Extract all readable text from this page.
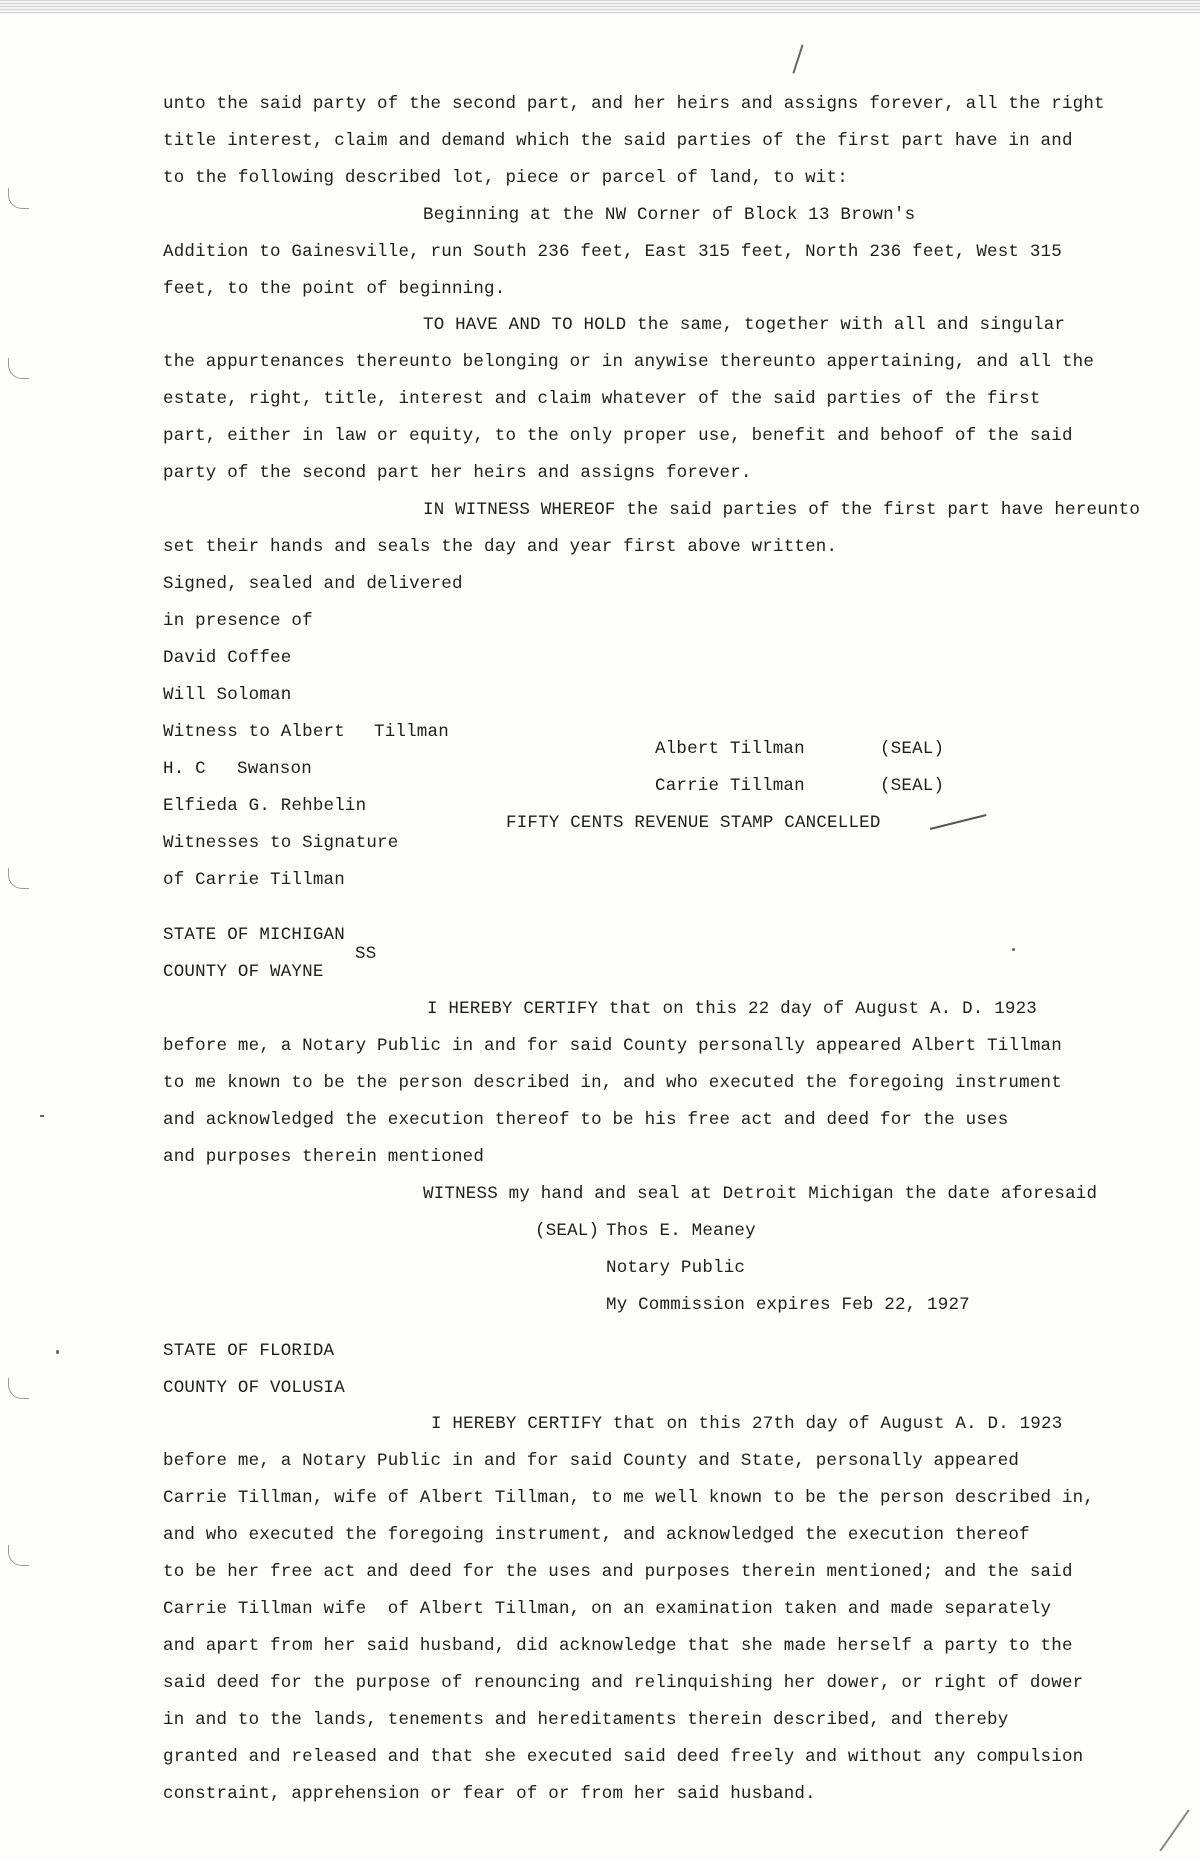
unto the said party of the second part, and her heirs and assigns forever, all the right
title interest, claim and demand which the said parties of the first part have in and
to the following described lot, piece or parcel of land, to wit:
Beginning at the NW Corner of Block 13 Brown's
Addition to Gainesville, run South 236 feet, East 315 feet, North 236 feet, West 315
feet, to the point of beginning.
TO HAVE AND TO HOLD the same, together with all and singular
the appurtenances thereunto belonging or in anywise thereunto appertaining, and all the
estate, right, title, interest and claim whatever of the said parties of the first
part, either in law or equity, to the only proper use, benefit and behoof of the said
party of the second part her heirs and assigns forever.
IN WITNESS WHEREOF the said parties of the first part have hereunto
set their hands and seals the day and year first above written.
Signed, sealed and delivered
in presence of
David Coffee
Will Soloman
Witness to Albert Tillman
H. C Swanson
Elfieda G. Rehbelin
Witnesses to Signature
of Carrie Tillman
Albert Tillman	(SEAL)
Carrie Tillman	(SEAL)
FIFTY CENTS REVENUE STAMP CANCELLED
STATE OF MICHIGAN
SS
COUNTY OF WAYNE
I HEREBY CERTIFY that on this 22 day of August A. D. 1923
before me, a Notary Public in and for said County personally appeared Albert Tillman
to me known to be the person described in, and who executed the foregoing instrument
and acknowledged the execution thereof to be his free act and deed for the uses
and purposes therein mentioned
WITNESS my hand and seal at Detroit Michigan the date aforesaid
(SEAL) Thos E. Meaney
Notary Public
My Commission expires Feb 22, 1927
STATE OF FLORIDA
COUNTY OF VOLUSIA
I HEREBY CERTIFY that on this 27th day of August A. D. 1923
before me, a Notary Public in and for said County and State, personally appeared
Carrie Tillman, wife of Albert Tillman, to me well known to be the person described in,
and who executed the foregoing instrument, and acknowledged the execution thereof
to be her free act and deed for the uses and purposes therein mentioned; and the said
Carrie Tillman wife  of Albert Tillman, on an examination taken and made separately
and apart from her said husband, did acknowledge that she made herself a party to the
said deed for the purpose of renouncing and relinquishing her dower, or right of dower
in and to the lands, tenements and hereditaments therein described, and thereby
granted and released and that she executed said deed freely and without any compulsion
constraint, apprehension or fear of or from her said husband.
